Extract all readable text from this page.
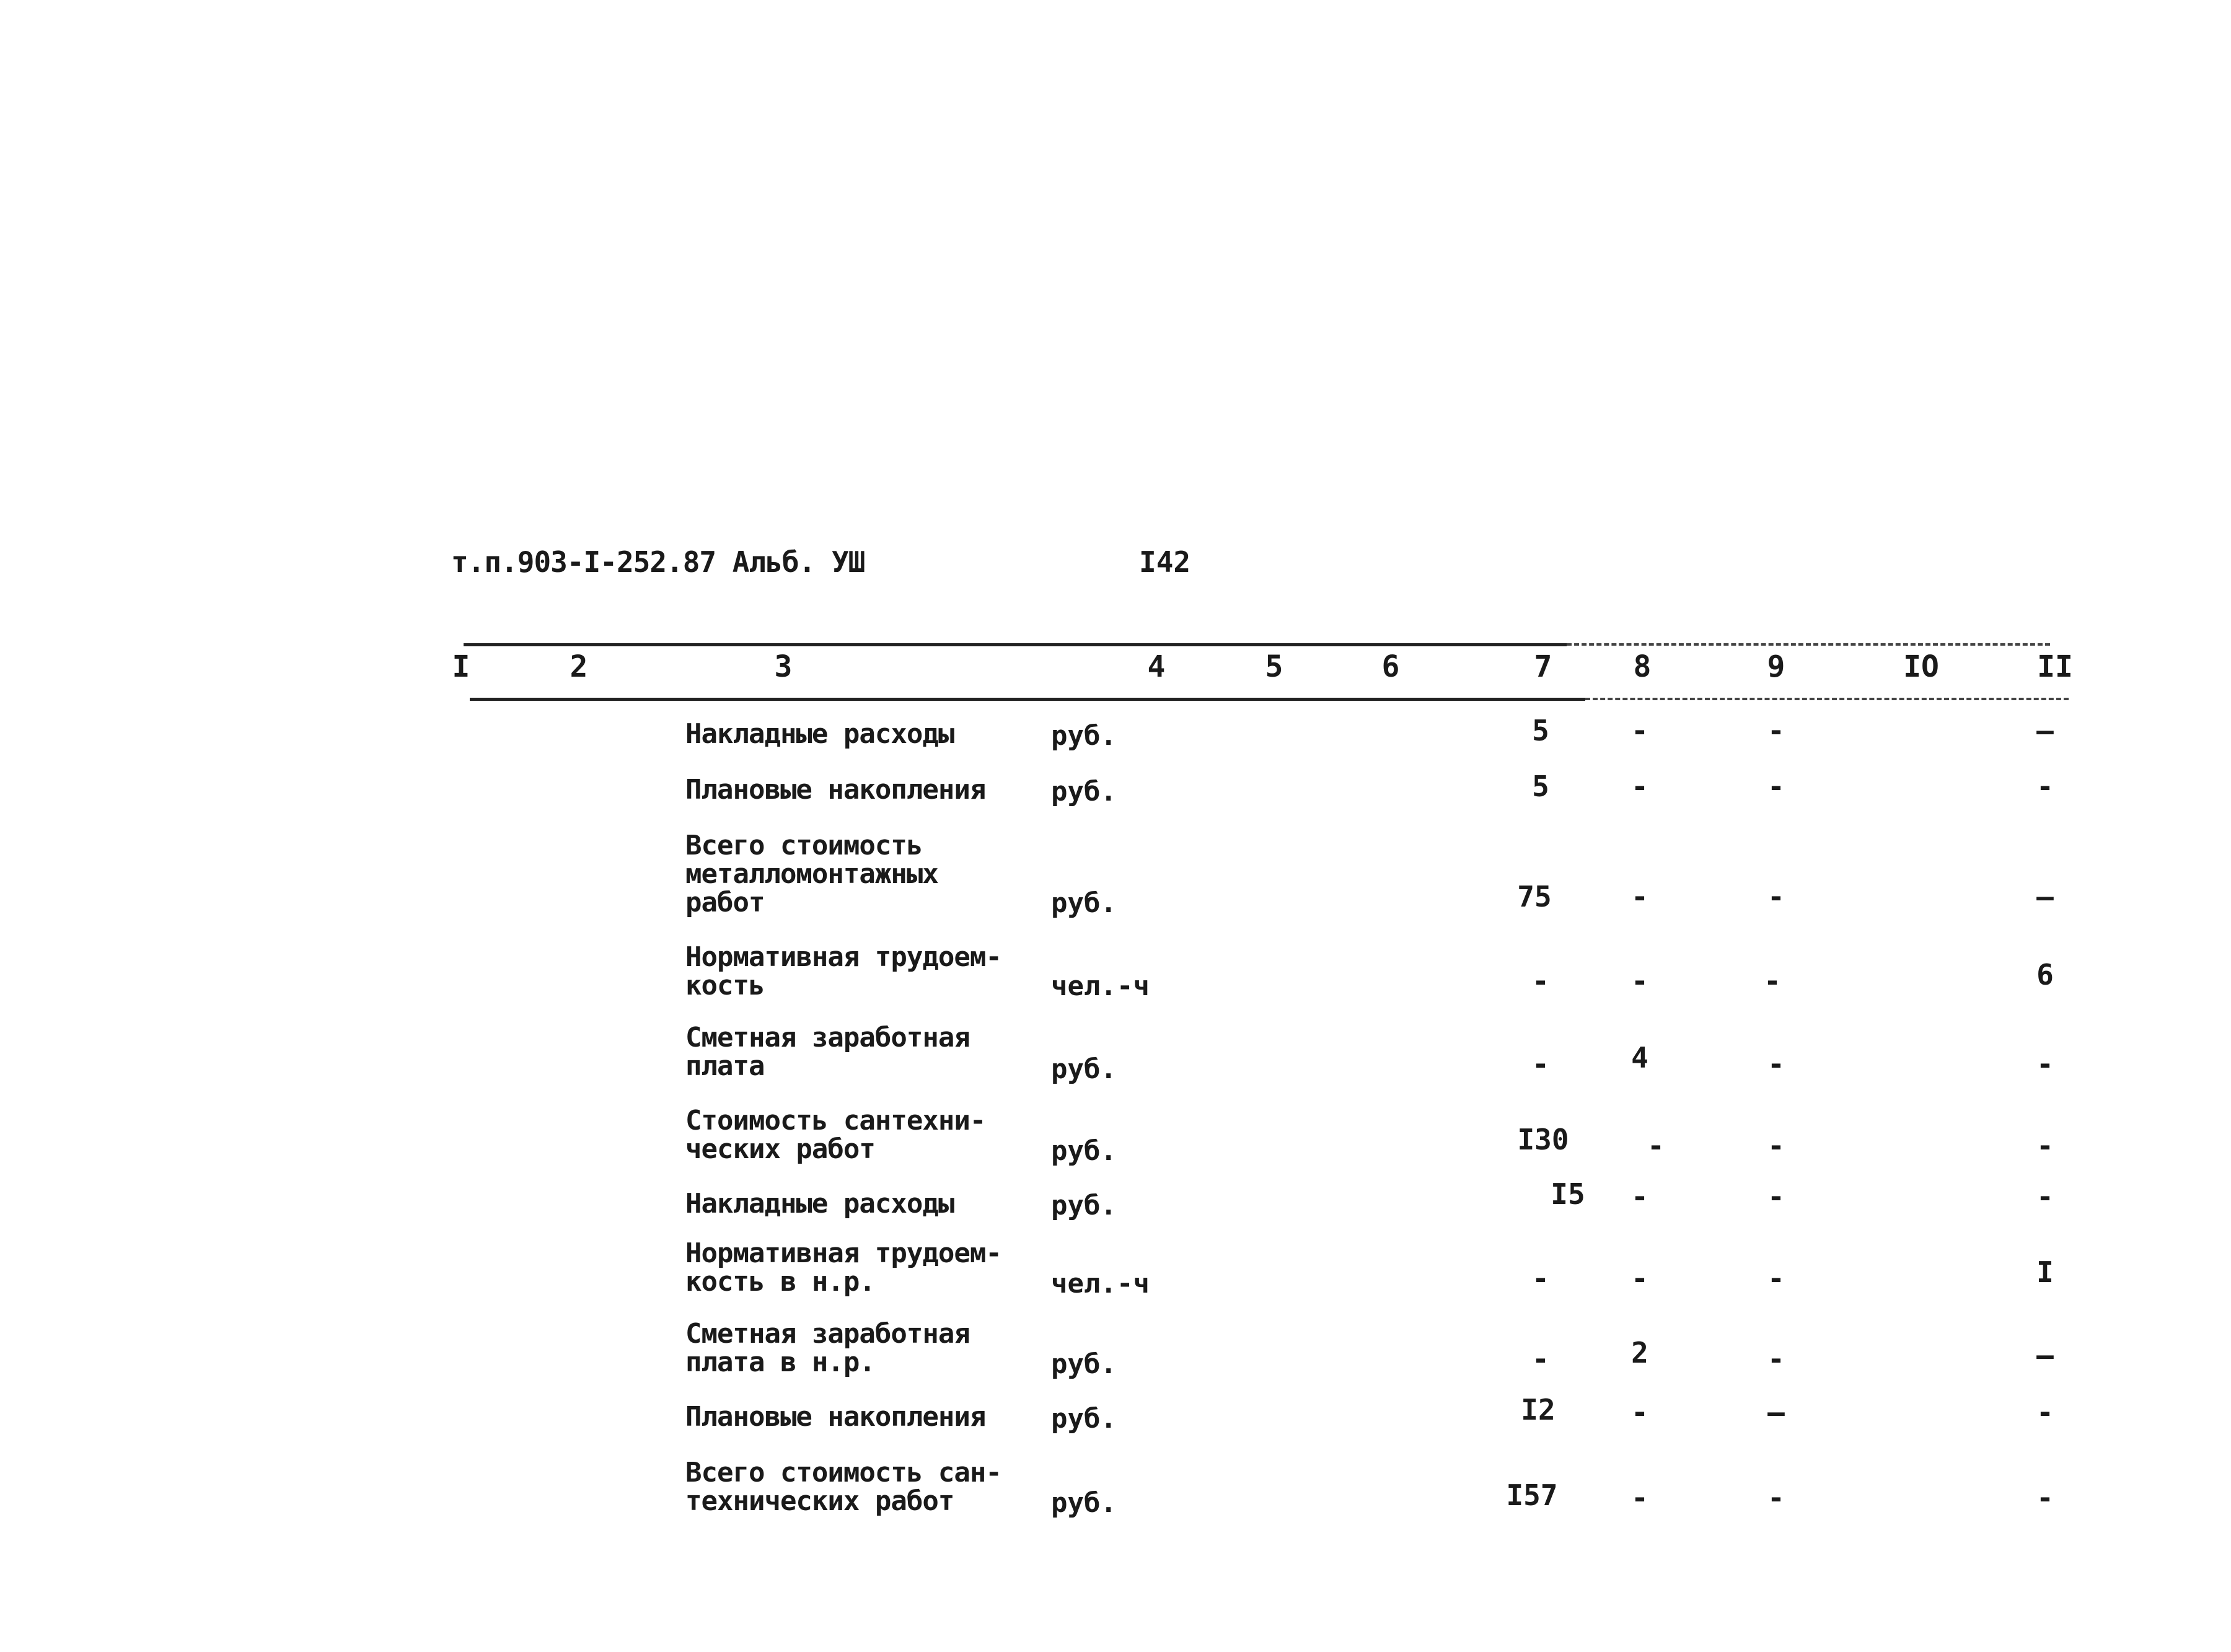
т.п.903-I-252.87 Альб. УШ	I42
I	2	3	4	5	6	7	8	9	IO	II
Накладные расходы	руб.	5	-	-	–
Плановые накопления руб.	5	-	-	-
Всего стоимость
металломонтажных
работ	руб.	75	-	-	–
Нормативная трудоем-
кость	чел.-ч	-	-	-	6
Сметная заработная
плата	руб.	-	4	-	-
Стоимость сантехни-
ческих работ	руб.	I30	-	-	-
Накладные расходы	руб.	I5	-	-	-
Нормативная трудоем-
кость в н.р.	чел.-ч	-	-	-	I
Сметная заработная
плата в н.р.	руб.	-	2	-	–
Плановые накопления руб.	I2	-	–	-
Всего стоимость сан-
технических работ	руб.	I57	-	-	-
